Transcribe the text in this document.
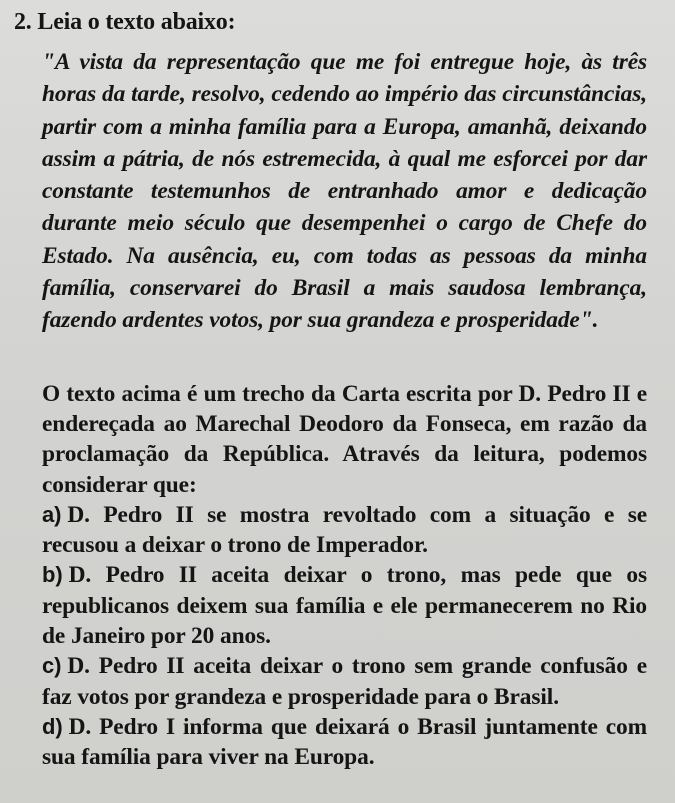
2. Leia o texto abaixo:

"A vista da representação que me foi entregue hoje, às três horas da tarde, resolvo, cedendo ao império das circunstâncias, partir com a minha família para a Europa, amanhã, deixando assim a pátria, de nós estremecida, à qual me esforcei por dar constante testemunhos de entranhado amor e dedicação durante meio século que desempenhei o cargo de Chefe do Estado. Na ausência, eu, com todas as pessoas da minha família, conservarei do Brasil a mais saudosa lembrança, fazendo ardentes votos, por sua grandeza e prosperidade".

O texto acima é um trecho da Carta escrita por D. Pedro II e endereçada ao Marechal Deodoro da Fonseca, em razão da proclamação da República. Através da leitura, podemos considerar que:

a) D. Pedro II se mostra revoltado com a situação e se recusou a deixar o trono de Imperador.
b) D. Pedro II aceita deixar o trono, mas pede que os republicanos deixem sua família e ele permanecerem no Rio de Janeiro por 20 anos.
c) D. Pedro II aceita deixar o trono sem grande confusão e faz votos por grandeza e prosperidade para o Brasil.
d) D. Pedro I informa que deixará o Brasil juntamente com sua família para viver na Europa.
